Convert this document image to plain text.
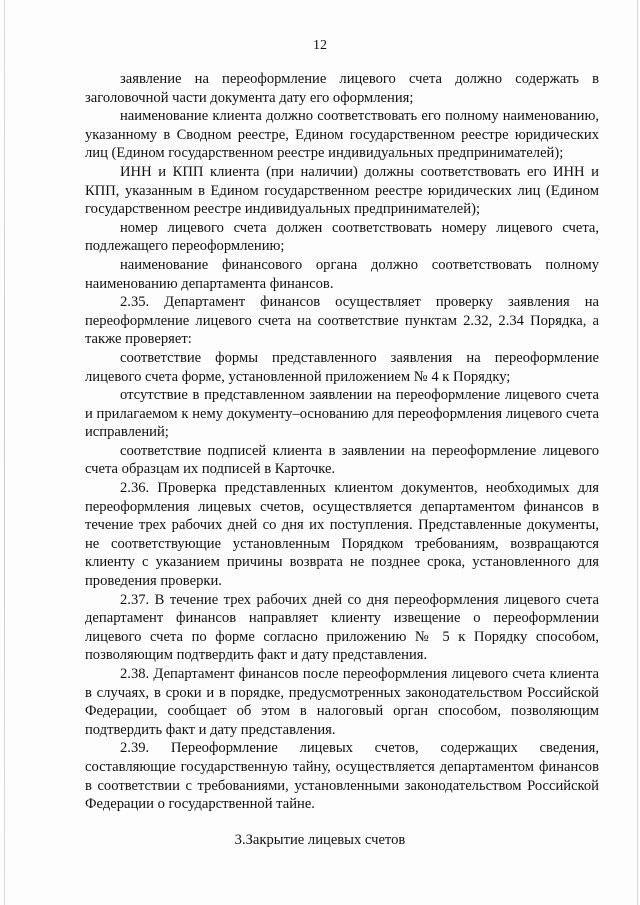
12

заявление на переоформление лицевого счета должно содержать в заголовочной части документа дату его оформления;

наименование клиента должно соответствовать его полному наименованию, указанному в Сводном реестре, Едином государственном реестре юридических лиц (Едином государственном реестре индивидуальных предпринимателей);

ИНН и КПП клиента (при наличии) должны соответствовать его ИНН и КПП, указанным в Едином государственном реестре юридических лиц (Едином государственном реестре индивидуальных предпринимателей);

номер лицевого счета должен соответствовать номеру лицевого счета, подлежащего переоформлению;

наименование финансового органа должно соответствовать полному наименованию департамента финансов.

2.35. Департамент финансов осуществляет проверку заявления на переоформление лицевого счета на соответствие пунктам 2.32, 2.34 Порядка, а также проверяет:

соответствие формы представленного заявления на переоформление лицевого счета форме, установленной приложением № 4 к Порядку;

отсутствие в представленном заявлении на переоформление лицевого счета и прилагаемом к нему документу–основанию для переоформления лицевого счета исправлений;

соответствие подписей клиента в заявлении на переоформление лицевого счета образцам их подписей в Карточке.

2.36. Проверка представленных клиентом документов, необходимых для переоформления лицевых счетов, осуществляется департаментом финансов в течение трех рабочих дней со дня их поступления. Представленные документы, не соответствующие установленным Порядком требованиям, возвращаются клиенту с указанием причины возврата не позднее срока, установленного для проведения проверки.

2.37. В течение трех рабочих дней со дня переоформления лицевого счета департамент финансов направляет клиенту извещение о переоформлении лицевого счета по форме согласно приложению № 5 к Порядку способом, позволяющим подтвердить факт и дату представления.

2.38. Департамент финансов после переоформления лицевого счета клиента в случаях, в сроки и в порядке, предусмотренных законодательством Российской Федерации, сообщает об этом в налоговый орган способом, позволяющим подтвердить факт и дату представления.

2.39. Переоформление лицевых счетов, содержащих сведения, составляющие государственную тайну, осуществляется департаментом финансов в соответствии с требованиями, установленными законодательством Российской Федерации о государственной тайне.

3.Закрытие лицевых счетов
